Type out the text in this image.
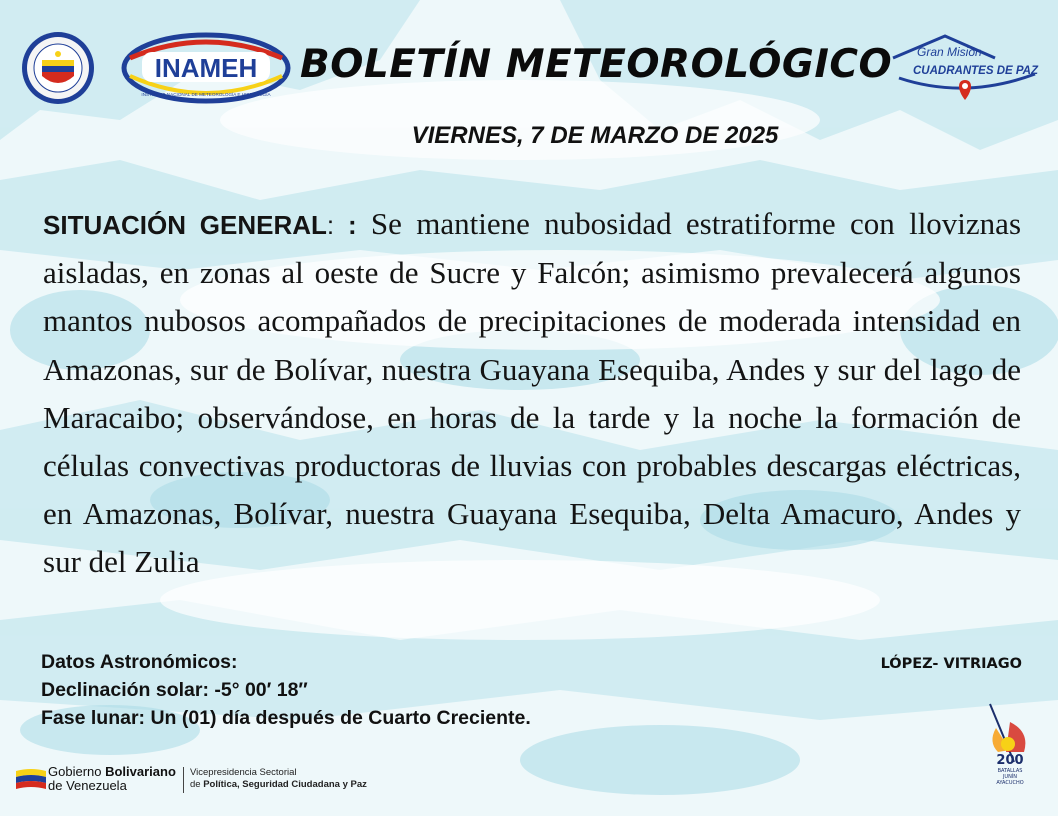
INAMEH
INSTITUTO NACIONAL DE METEOROLOGÍA E HIDROLOGÍA
BOLETÍN METEOROLÓGICO Gran Misión
CUADRANTES DE PAZ
VIERNES, 7 DE MARZO DE 2025

SITUACIÓN GENERAL: : Se mantiene nubosidad estratiforme con lloviznas aisladas, en zonas al oeste de Sucre y Falcón; asimismo prevalecerá algunos mantos nubosos acompañados de precipitaciones de moderada intensidad en Amazonas, sur de Bolívar, nuestra Guayana Esequiba, Andes y sur del lago de Maracaibo; observándose, en horas de la tarde y la noche la formación de células convectivas productoras de lluvias con probables descargas eléctricas, en Amazonas, Bolívar, nuestra Guayana Esequiba, Delta Amacuro, Andes y sur del Zulia

Datos Astronómicos:
Declinación solar: -5° 00′ 18″
Fase lunar: Un (01) día después de Cuarto Creciente.
LÓPEZ- VITRIAGO
Gobierno Bolivariano
de Venezuela
Vicepresidencia Sectorial
de Política, Seguridad Ciudadana y Paz
200
BATALLAS JUNÍN AYACUCHO
